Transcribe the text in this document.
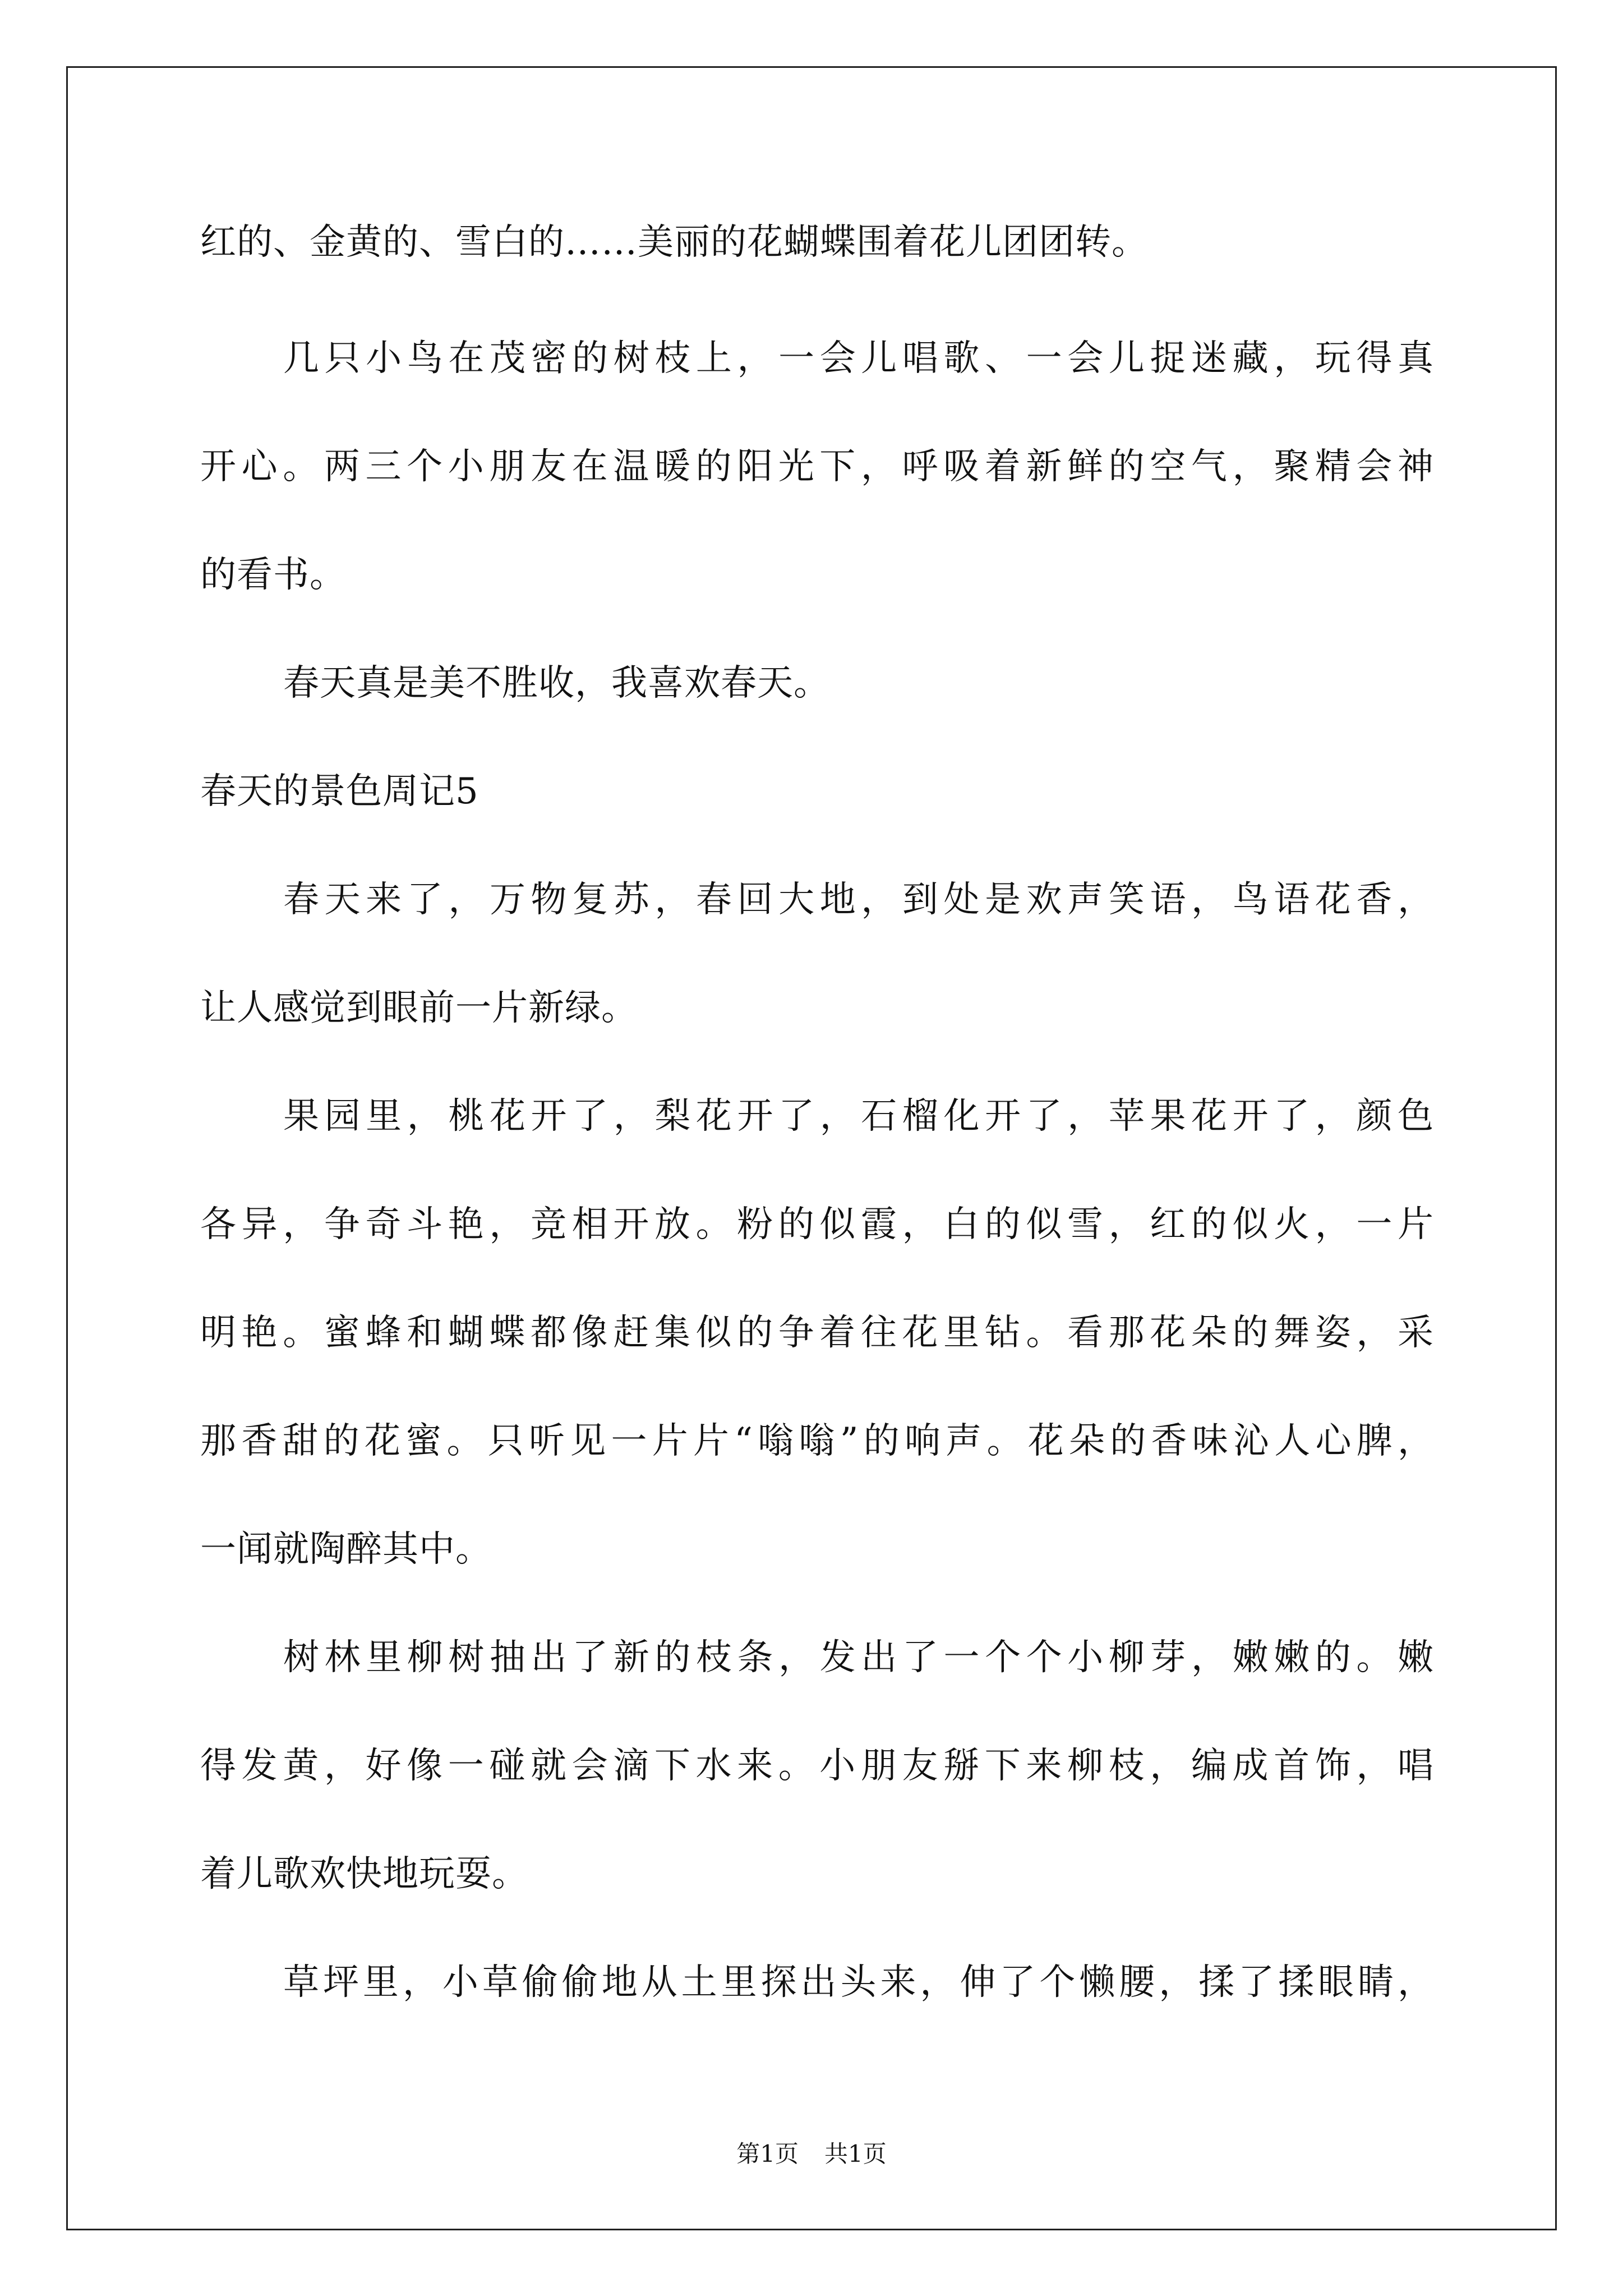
红的、金黄的、雪白的……美丽的花蝴蝶围着花儿团团转。
几只小鸟在茂密的树枝上，一会儿唱歌、一会儿捉迷藏，玩得真
开心。两三个小朋友在温暖的阳光下，呼吸着新鲜的空气，聚精会神
的看书。
春天真是美不胜收，我喜欢春天。
春天的景色周记5
春天来了，万物复苏，春回大地，到处是欢声笑语，鸟语花香，
让人感觉到眼前一片新绿。
果园里，桃花开了，梨花开了，石榴化开了，苹果花开了，颜色
各异，争奇斗艳，竞相开放。粉的似霞，白的似雪，红的似火，一片
明艳。蜜蜂和蝴蝶都像赶集似的争着往花里钻。看那花朵的舞姿，采
那香甜的花蜜。只听见一片片“嗡嗡”的响声。花朵的香味沁人心脾，
一闻就陶醉其中。
树林里柳树抽出了新的枝条，发出了一个个小柳芽，嫩嫩的。嫩
得发黄，好像一碰就会滴下水来。小朋友掰下来柳枝，编成首饰，唱
着儿歌欢快地玩耍。
草坪里，小草偷偷地从土里探出头来，伸了个懒腰，揉了揉眼睛，
第1页 共1页
